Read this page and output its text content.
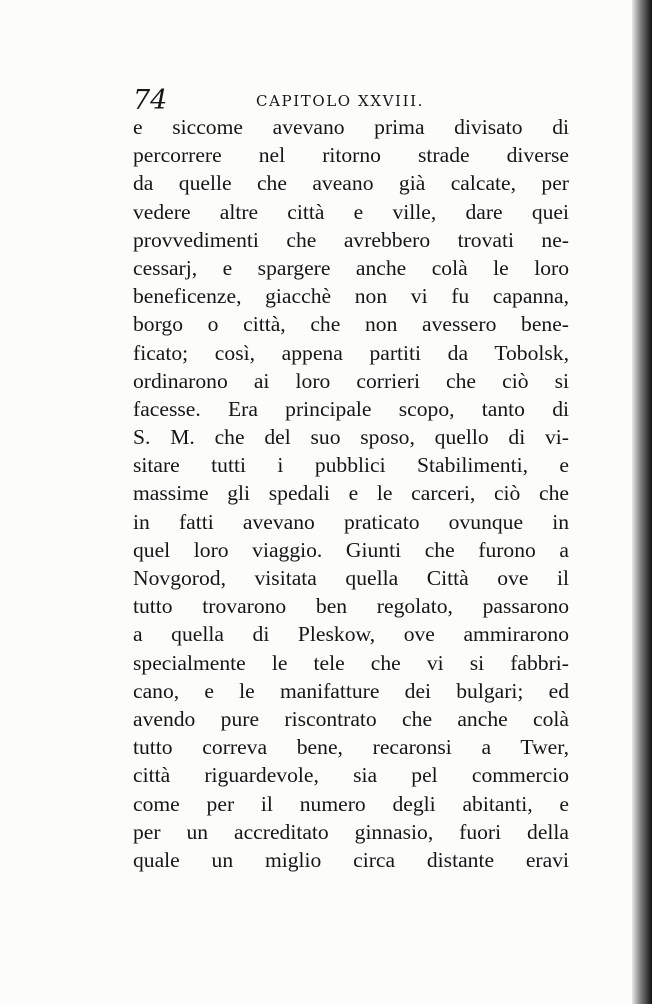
74	CAPITOLO XXVIII.
e siccome avevano prima divisato di
percorrere nel ritorno strade diverse
da quelle che aveano già calcate, per
vedere altre città e ville, dare quei
provvedimenti che avrebbero trovati ne-
cessarj, e spargere anche colà le loro
beneficenze, giacchè non vi fu capanna,
borgo o città, che non avessero bene-
ficato; così, appena partiti da Tobolsk,
ordinarono ai loro corrieri che ciò si
facesse. Era principale scopo, tanto di
S. M. che del suo sposo, quello di vi-
sitare tutti i pubblici Stabilimenti, e
massime gli spedali e le carceri, ciò che
in fatti avevano praticato ovunque in
quel loro viaggio. Giunti che furono a
Novgorod, visitata quella Città ove il
tutto trovarono ben regolato, passarono
a quella di Pleskow, ove ammirarono
specialmente le tele che vi si fabbri-
cano, e le manifatture dei bulgari; ed
avendo pure riscontrato che anche colà
tutto correva bene, recaronsi a Twer,
città riguardevole, sia pel commercio
come per il numero degli abitanti, e
per un accreditato ginnasio, fuori della
quale un miglio circa distante eravi
